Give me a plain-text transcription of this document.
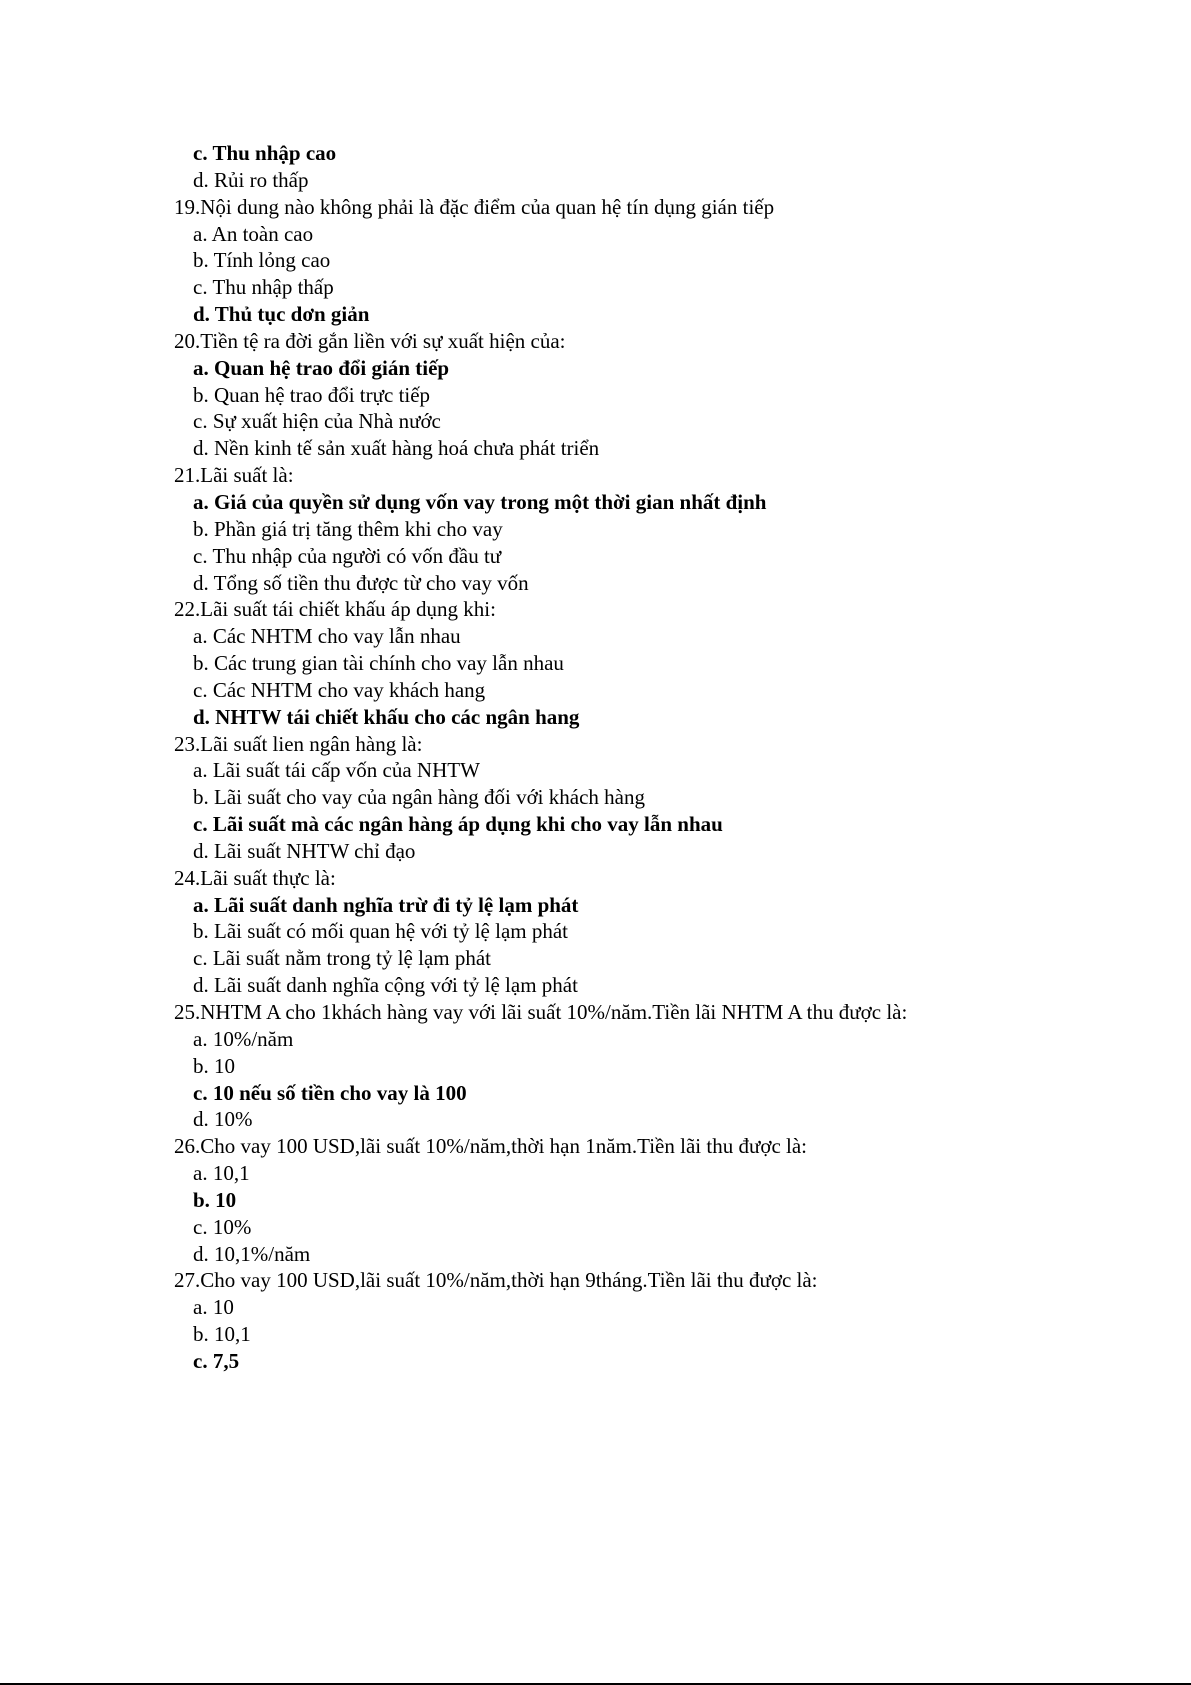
c. Thu nhập cao
d. Rủi ro thấp
19.Nội dung nào không phải là đặc điểm của quan hệ tín dụng gián tiếp
a. An toàn cao
b. Tính lỏng cao
c. Thu nhập thấp
d. Thủ tục dơn giản
20.Tiền tệ ra đời gắn liền với sự xuất hiện của:
a. Quan hệ trao đổi gián tiếp
b. Quan hệ trao đổi trực tiếp
c. Sự xuất hiện của Nhà nước
d. Nền kinh tế sản xuất hàng hoá chưa phát triển
21.Lãi suất là:
a. Giá của quyền sử dụng vốn vay trong một thời gian nhất định
b. Phần giá trị tăng thêm khi cho vay
c. Thu nhập của người có vốn đầu tư
d. Tổng số tiền thu được từ cho vay vốn
22.Lãi suất tái chiết khấu áp dụng khi:
a. Các NHTM cho vay lẫn nhau
b. Các trung gian tài chính cho vay lẫn nhau
c. Các NHTM cho vay khách hang
d. NHTW tái chiết khấu cho các ngân hang
23.Lãi suất lien ngân hàng là:
a. Lãi suất tái cấp vốn của NHTW
b. Lãi suất cho vay của ngân hàng đối với khách hàng
c. Lãi suất mà các ngân hàng áp dụng khi cho vay lẫn nhau
d. Lãi suất NHTW chỉ đạo
24.Lãi suất thực là:
a. Lãi suất danh nghĩa trừ đi tỷ lệ lạm phát
b. Lãi suất có mối quan hệ với tỷ lệ lạm phát
c. Lãi suất nằm trong tỷ lệ lạm phát
d. Lãi suất danh nghĩa cộng với tỷ lệ lạm phát
25.NHTM A cho 1khách hàng vay với lãi suất 10%/năm.Tiền lãi NHTM A thu được là:
a. 10%/năm
b. 10
c. 10 nếu số tiền cho vay là 100
d. 10%
26.Cho vay 100 USD,lãi suất 10%/năm,thời hạn 1năm.Tiền lãi thu được là:
a. 10,1
b. 10
c. 10%
d. 10,1%/năm
27.Cho vay 100 USD,lãi suất 10%/năm,thời hạn 9tháng.Tiền lãi thu được là:
a. 10
b. 10,1
c. 7,5
